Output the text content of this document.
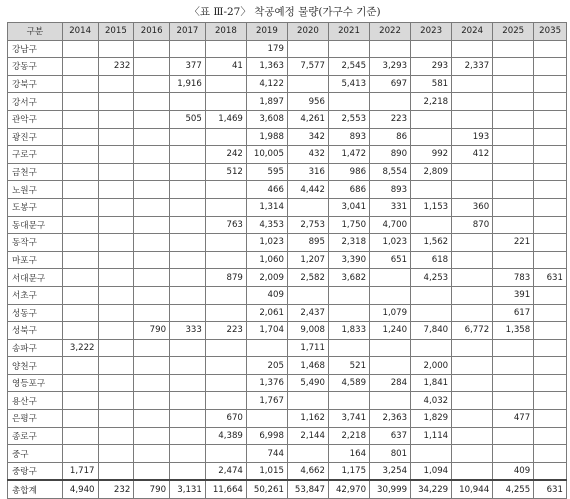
〈표 Ⅲ-27〉 착공예정 물량(가구수 기준)
구분	2014	2015	2016	2017	2018	2019	2020	2021	2022	2023	2024	2025	2035
강남구						179							
강동구		232		377	41	1,363	7,577	2,545	3,293	293	2,337		
강북구				1,916		4,122		5,413	697	581			
강서구						1,897	956			2,218			
관악구				505	1,469	3,608	4,261	2,553	223				
광진구						1,988	342	893	86		193		
구로구					242	10,005	432	1,472	890	992	412		
금천구					512	595	316	986	8,554	2,809			
노원구						466	4,442	686	893				
도봉구						1,314		3,041	331	1,153	360		
동대문구					763	4,353	2,753	1,750	4,700		870		
동작구						1,023	895	2,318	1,023	1,562		221	
마포구						1,060	1,207	3,390	651	618			
서대문구					879	2,009	2,582	3,682		4,253		783	631
서초구						409						391	
성동구						2,061	2,437		1,079			617	
성북구			790	333	223	1,704	9,008	1,833	1,240	7,840	6,772	1,358	
송파구	3,222						1,711						
양천구						205	1,468	521		2,000			
영등포구						1,376	5,490	4,589	284	1,841			
용산구						1,767				4,032			
은평구					670		1,162	3,741	2,363	1,829		477	
종로구					4,389	6,998	2,144	2,218	637	1,114			
중구						744		164	801				
중랑구	1,717				2,474	1,015	4,662	1,175	3,254	1,094		409	
총합계	4,940	232	790	3,131	11,664	50,261	53,847	42,970	30,999	34,229	10,944	4,255	631
